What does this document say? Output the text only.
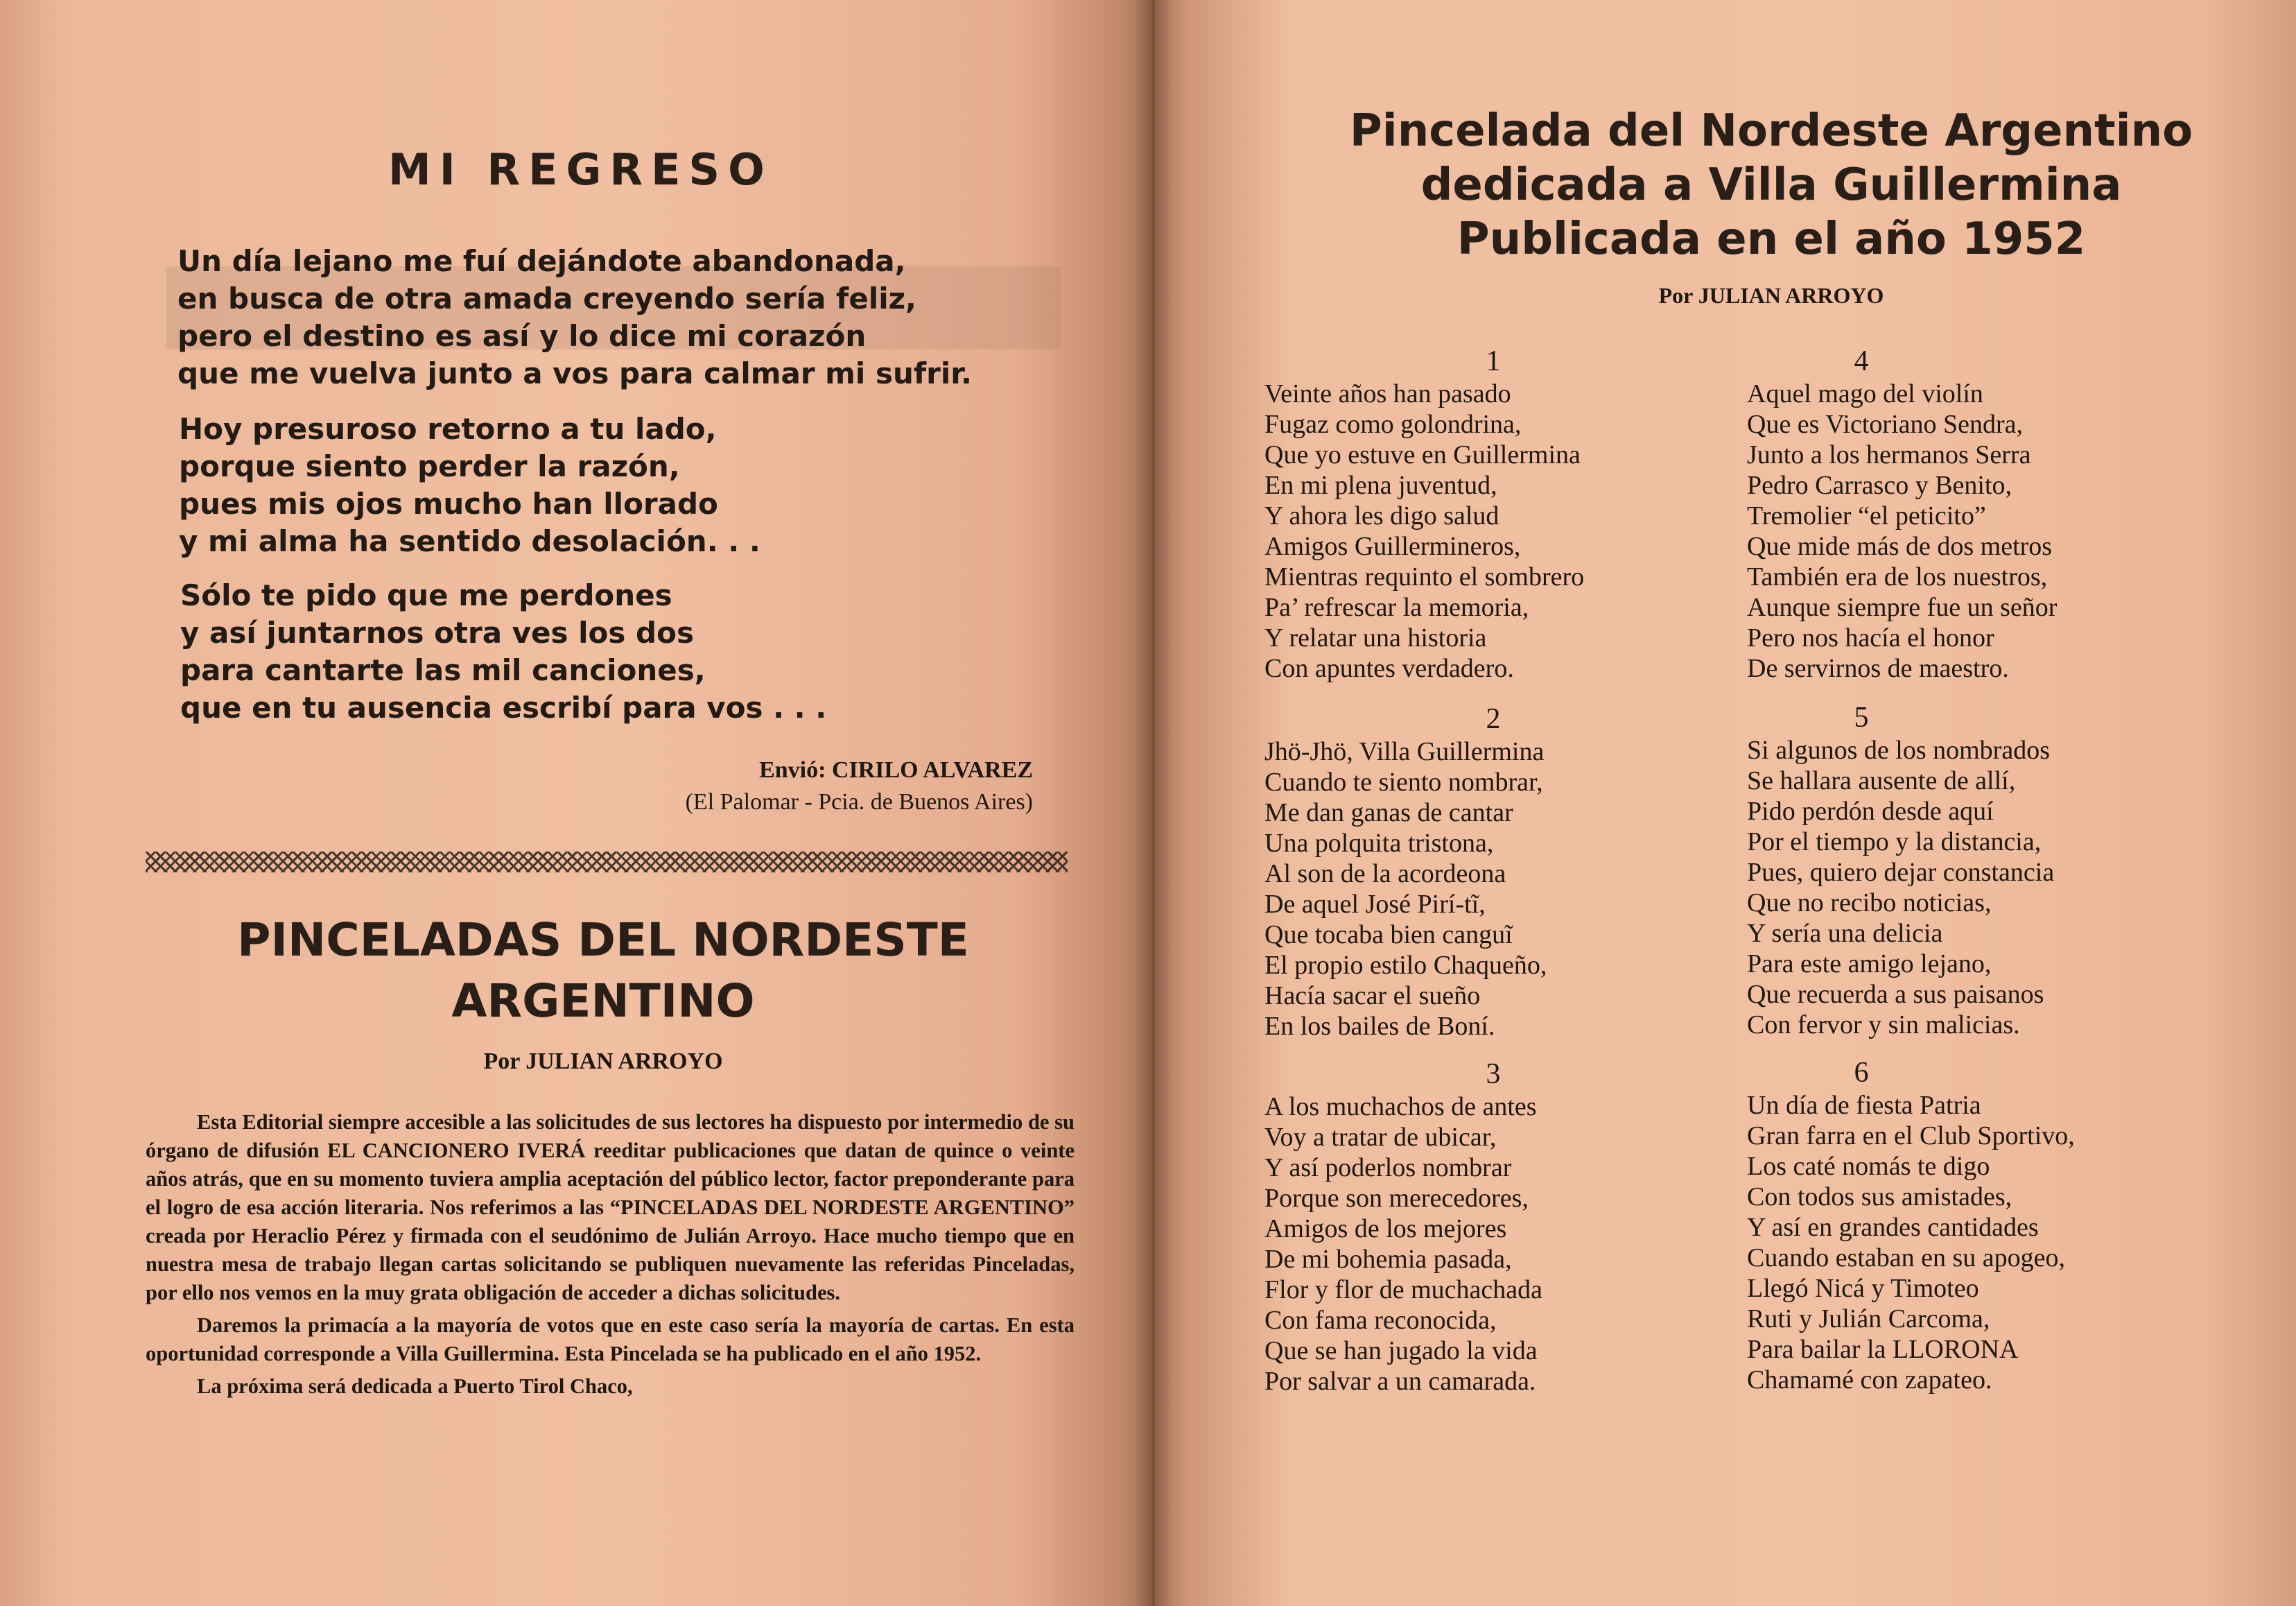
MI REGRESO
Un día lejano me fuí dejándote abandonada,
en busca de otra amada creyendo sería feliz,
pero el destino es así y lo dice mi corazón
que me vuelva junto a vos para calmar mi sufrir.
Hoy presuroso retorno a tu lado,
porque siento perder la razón,
pues mis ojos mucho han llorado
y mi alma ha sentido desolación. . .
Sólo te pido que me perdones
y así juntarnos otra ves los dos
para cantarte las mil canciones,
que en tu ausencia escribí para vos . . .
Envió: CIRILO ALVAREZ
(El Palomar - Pcia. de Buenos Aires)
PINCELADAS DEL NORDESTE ARGENTINO
Por JULIAN ARROYO

Esta Editorial siempre accesible a las solicitudes de sus lectores ha dispuesto por intermedio de su órgano de difusión EL CANCIONERO IVERÁ reeditar publicaciones que datan de quince o veinte años atrás, que en su momento tuviera amplia aceptación del público lector, factor preponderante para el logro de esa acción literaria. Nos referimos a las “PINCELADAS DEL NORDESTE ARGENTINO” creada por Heraclio Pérez y firmada con el seudónimo de Julián Arroyo. Hace mucho tiempo que en nuestra mesa de trabajo llegan cartas solicitando se publiquen nuevamente las referidas Pinceladas, por ello nos vemos en la muy grata obligación de acceder a dichas solicitudes.

Daremos la primacía a la mayoría de votos que en este caso sería la mayoría de cartas. En esta oportunidad corresponde a Villa Guillermina. Esta Pincelada se ha publicado en el año 1952.

La próxima será dedicada a Puerto Tirol Chaco,

Pincelada del Nordeste Argentino
dedicada a Villa Guillermina
Publicada en el año 1952
Por JULIAN ARROYO
1
Veinte años han pasado
Fugaz como golondrina,
Que yo estuve en Guillermina
En mi plena juventud,
Y ahora les digo salud
Amigos Guillermineros,
Mientras requinto el sombrero
Pa’ refrescar la memoria,
Y relatar una historia
Con apuntes verdadero.
2
Jhö-Jhö, Villa Guillermina
Cuando te siento nombrar,
Me dan ganas de cantar
Una polquita tristona,
Al son de la acordeona
De aquel José Pirí-tĩ,
Que tocaba bien canguĩ
El propio estilo Chaqueño,
Hacía sacar el sueño
En los bailes de Boní.
3
A los muchachos de antes
Voy a tratar de ubicar,
Y así poderlos nombrar
Porque son merecedores,
Amigos de los mejores
De mi bohemia pasada,
Flor y flor de muchachada
Con fama reconocida,
Que se han jugado la vida
Por salvar a un camarada.
4
Aquel mago del violín
Que es Victoriano Sendra,
Junto a los hermanos Serra
Pedro Carrasco y Benito,
Tremolier “el peticito”
Que mide más de dos metros
También era de los nuestros,
Aunque siempre fue un señor
Pero nos hacía el honor
De servirnos de maestro.
5
Si algunos de los nombrados
Se hallara ausente de allí,
Pido perdón desde aquí
Por el tiempo y la distancia,
Pues, quiero dejar constancia
Que no recibo noticias,
Y sería una delicia
Para este amigo lejano,
Que recuerda a sus paisanos
Con fervor y sin malicias.
6
Un día de fiesta Patria
Gran farra en el Club Sportivo,
Los caté nomás te digo
Con todos sus amistades,
Y así en grandes cantidades
Cuando estaban en su apogeo,
Llegó Nicá y Timoteo
Ruti y Julián Carcoma,
Para bailar la LLORONA
Chamamé con zapateo.
